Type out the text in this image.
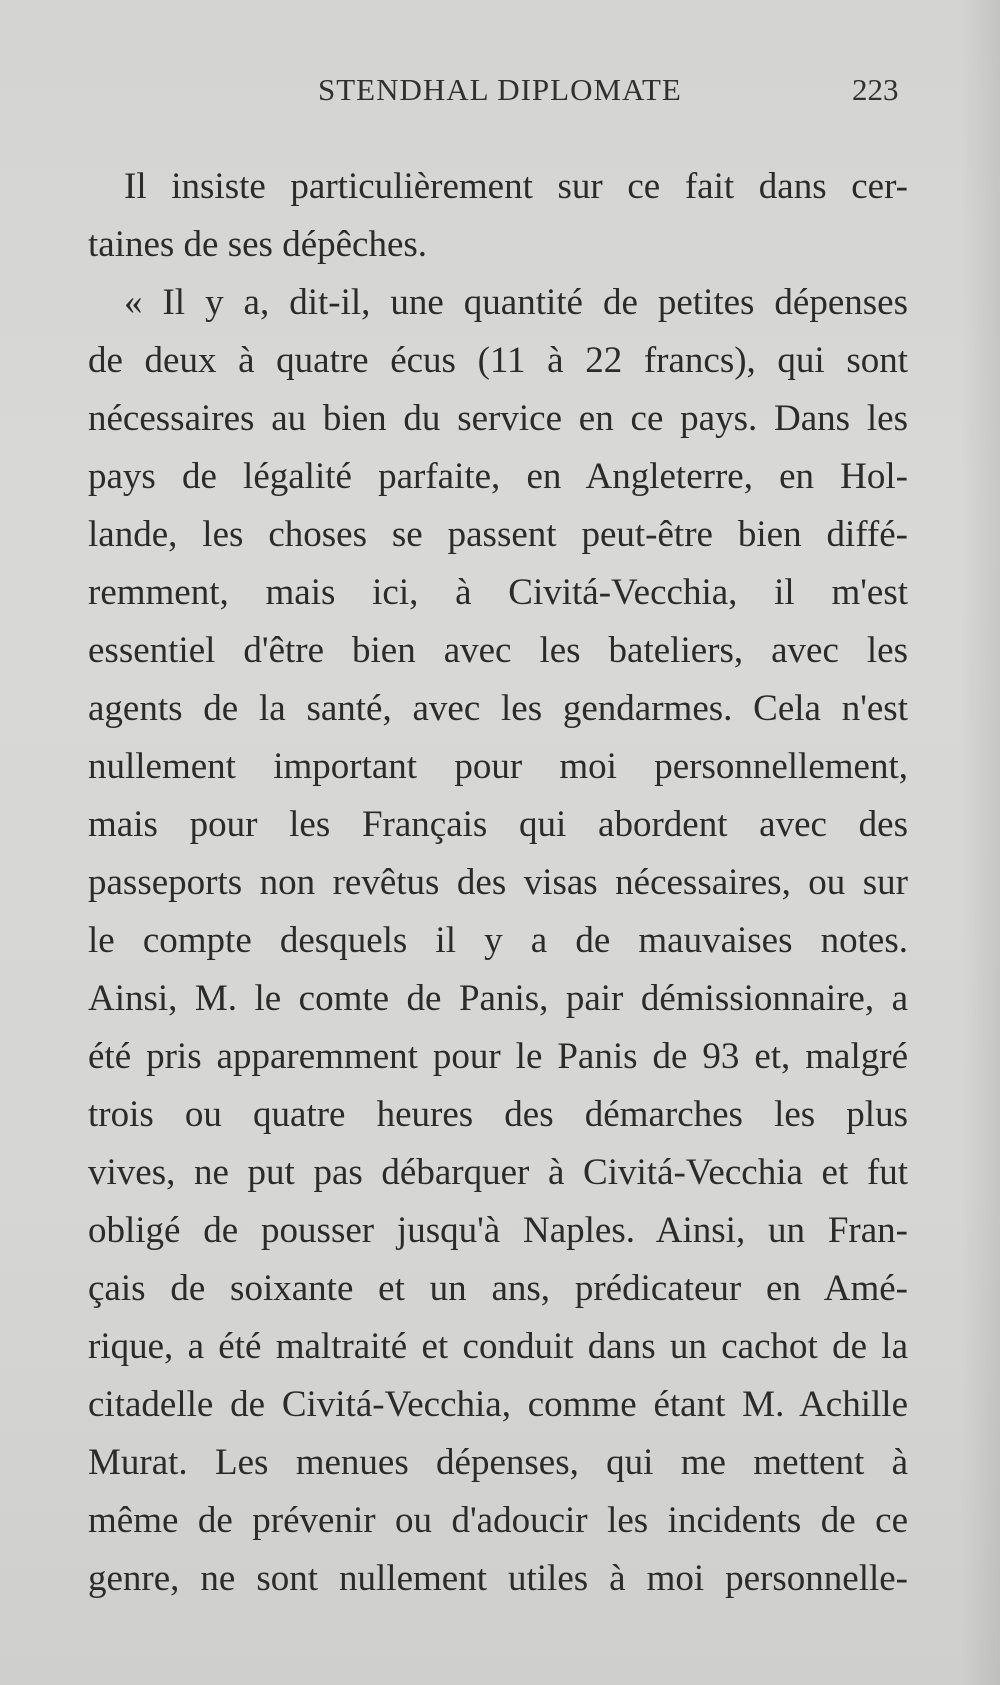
STENDHAL DIPLOMATE	223
Il insiste particulièrement sur ce fait dans cer-
taines de ses dépêches.
« Il y a, dit-il, une quantité de petites dépenses
de deux à quatre écus (11 à 22 francs), qui sont
nécessaires au bien du service en ce pays. Dans les
pays de légalité parfaite, en Angleterre, en Hol-
lande, les choses se passent peut-être bien diffé-
remment, mais ici, à Civitá-Vecchia, il m'est
essentiel d'être bien avec les bateliers, avec les
agents de la santé, avec les gendarmes. Cela n'est
nullement important pour moi personnellement,
mais pour les Français qui abordent avec des
passeports non revêtus des visas nécessaires, ou sur
le compte desquels il y a de mauvaises notes.
Ainsi, M. le comte de Panis, pair démissionnaire, a
été pris apparemment pour le Panis de 93 et, malgré
trois ou quatre heures des démarches les plus
vives, ne put pas débarquer à Civitá-Vecchia et fut
obligé de pousser jusqu'à Naples. Ainsi, un Fran-
çais de soixante et un ans, prédicateur en Amé-
rique, a été maltraité et conduit dans un cachot de la
citadelle de Civitá-Vecchia, comme étant M. Achille
Murat. Les menues dépenses, qui me mettent à
même de prévenir ou d'adoucir les incidents de ce
genre, ne sont nullement utiles à moi personnelle-
